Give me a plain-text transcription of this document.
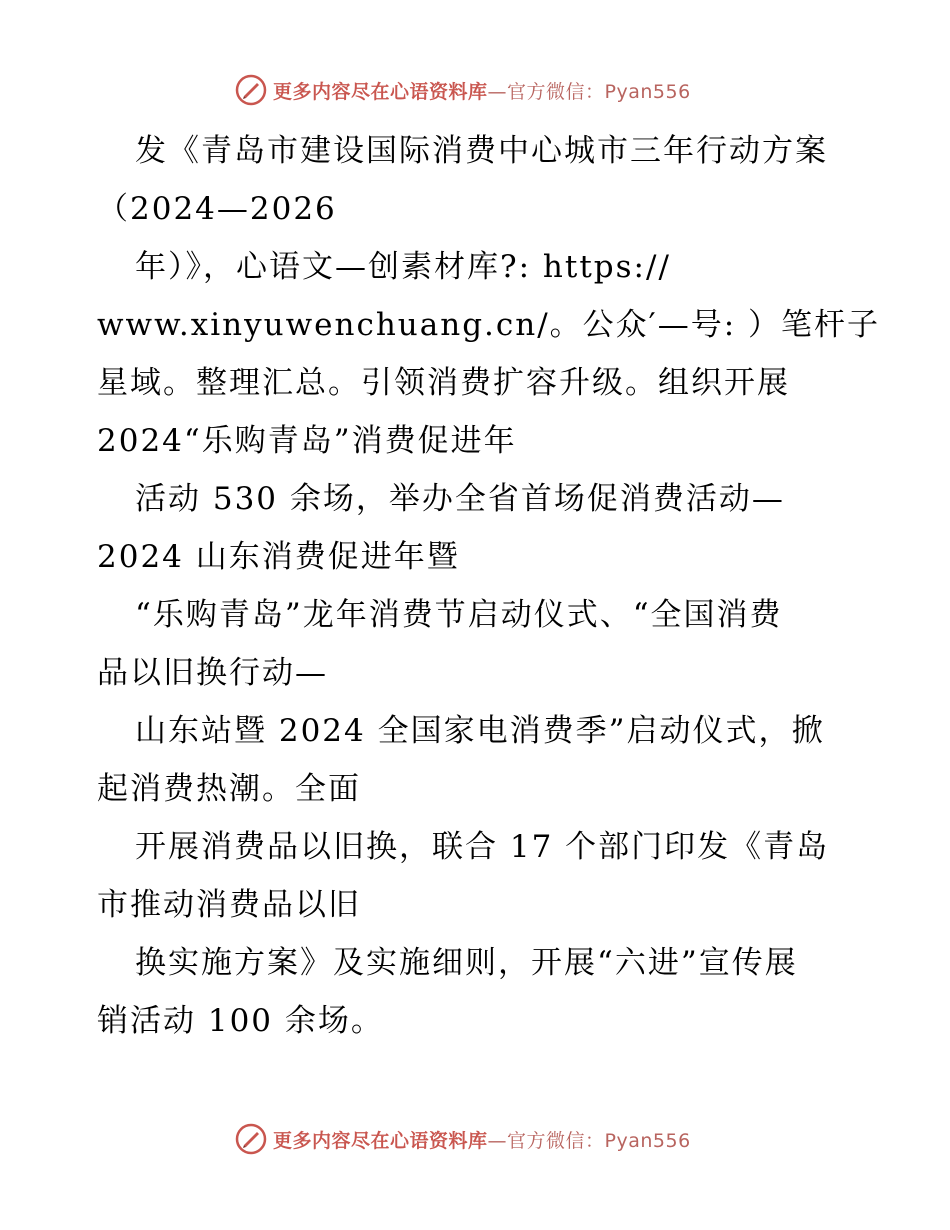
更多内容尽在心语资料库 —官方微信：Pyan556
发《青岛市建设国际消费中心城市三年行动方案
（2024—2026
年）》，心语文—创素材库?: https://
www.xinyuwenchuang.cn/。公众′—号: ）笔杆子
星域。整理汇总。引领消费扩容升级。组织开展
2024“乐购青岛”消费促进年
活动 530 余场，举办全省首场促消费活动—
2024 山东消费促进年暨
“乐购青岛”龙年消费节启动仪式、“全国消费
品以旧换行动—
山东站暨 2024 全国家电消费季”启动仪式，掀
起消费热潮。全面
开展消费品以旧换，联合 17 个部门印发《青岛
市推动消费品以旧
换实施方案》及实施细则，开展“六进”宣传展
销活动 100 余场。
更多内容尽在心语资料库 —官方微信：Pyan556
